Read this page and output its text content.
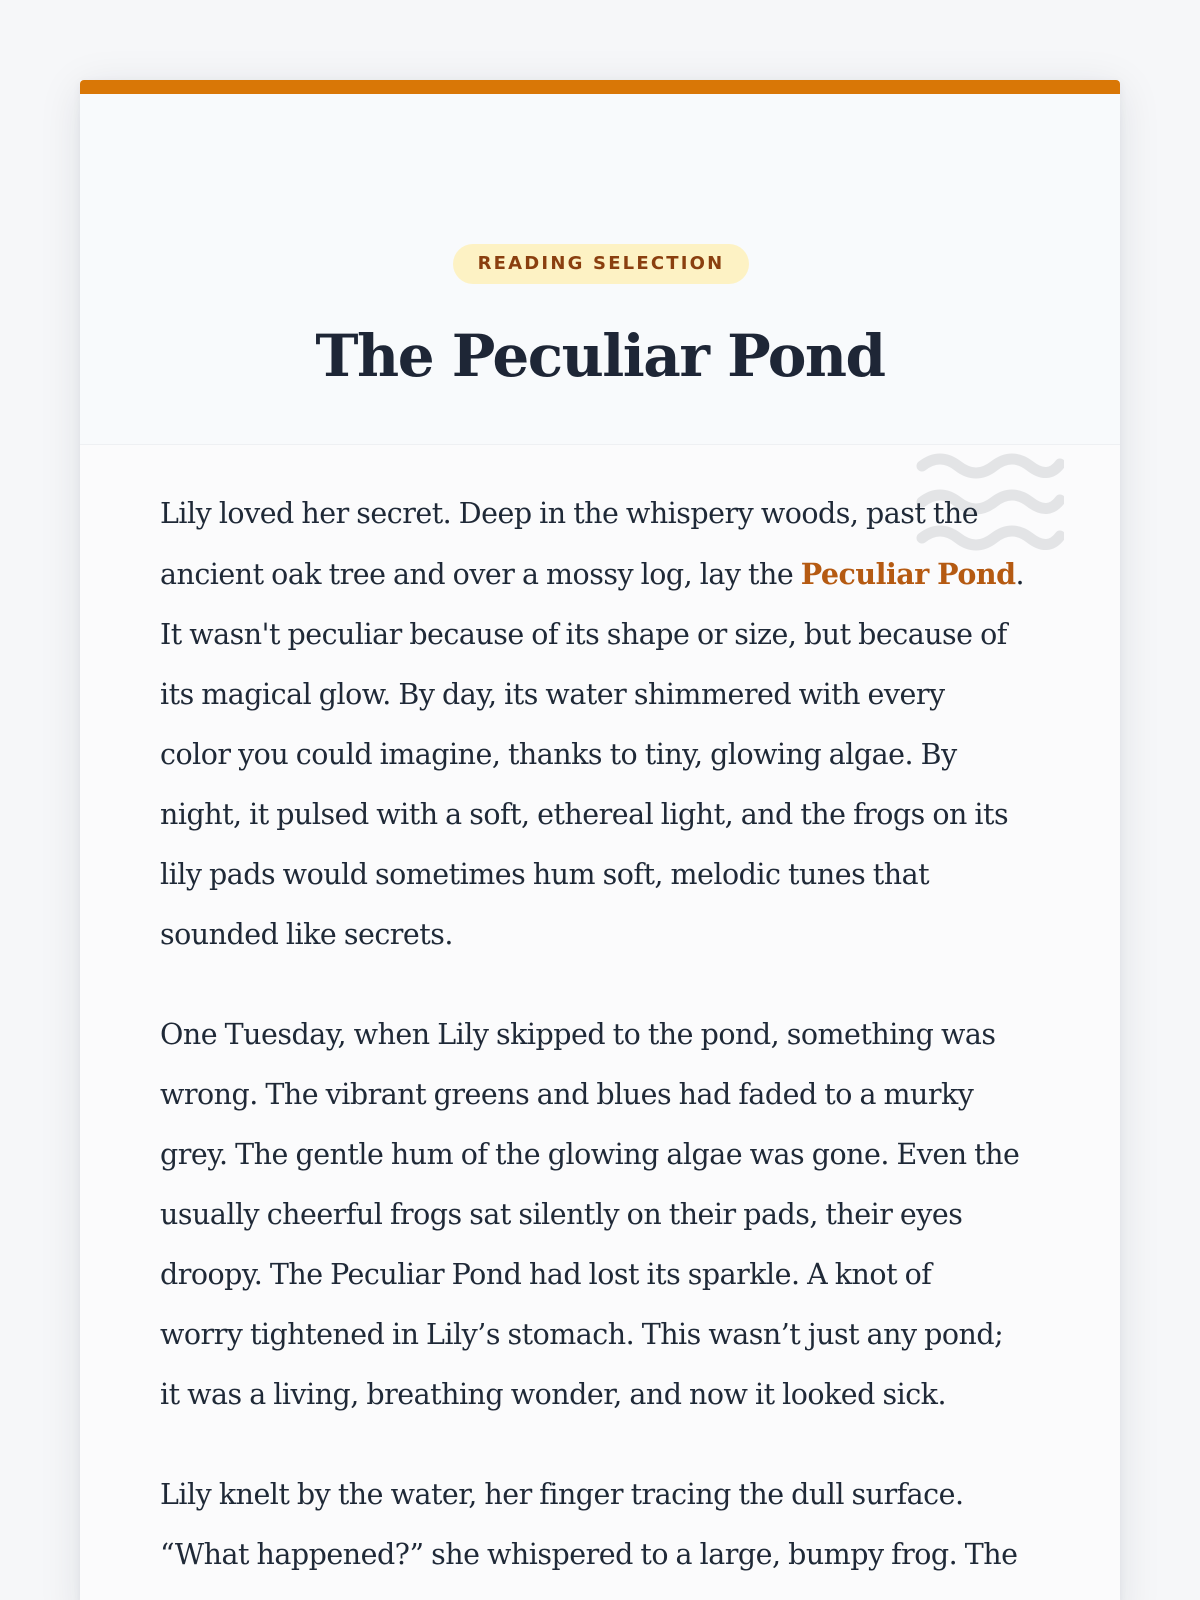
READING SELECTION
The Peculiar Pond

Lily loved her secret. Deep in the whispery woods, past the
ancient oak tree and over a mossy log, lay the Peculiar Pond.
It wasn't peculiar because of its shape or size, but because of
its magical glow. By day, its water shimmered with every
color you could imagine, thanks to tiny, glowing algae. By
night, it pulsed with a soft, ethereal light, and the frogs on its
lily pads would sometimes hum soft, melodic tunes that
sounded like secrets.

One Tuesday, when Lily skipped to the pond, something was
wrong. The vibrant greens and blues had faded to a murky
grey. The gentle hum of the glowing algae was gone. Even the
usually cheerful frogs sat silently on their pads, their eyes
droopy. The Peculiar Pond had lost its sparkle. A knot of
worry tightened in Lily’s stomach. This wasn’t just any pond;
it was a living, breathing wonder, and now it looked sick.

Lily knelt by the water, her finger tracing the dull surface.
“What happened?” she whispered to a large, bumpy frog. The
